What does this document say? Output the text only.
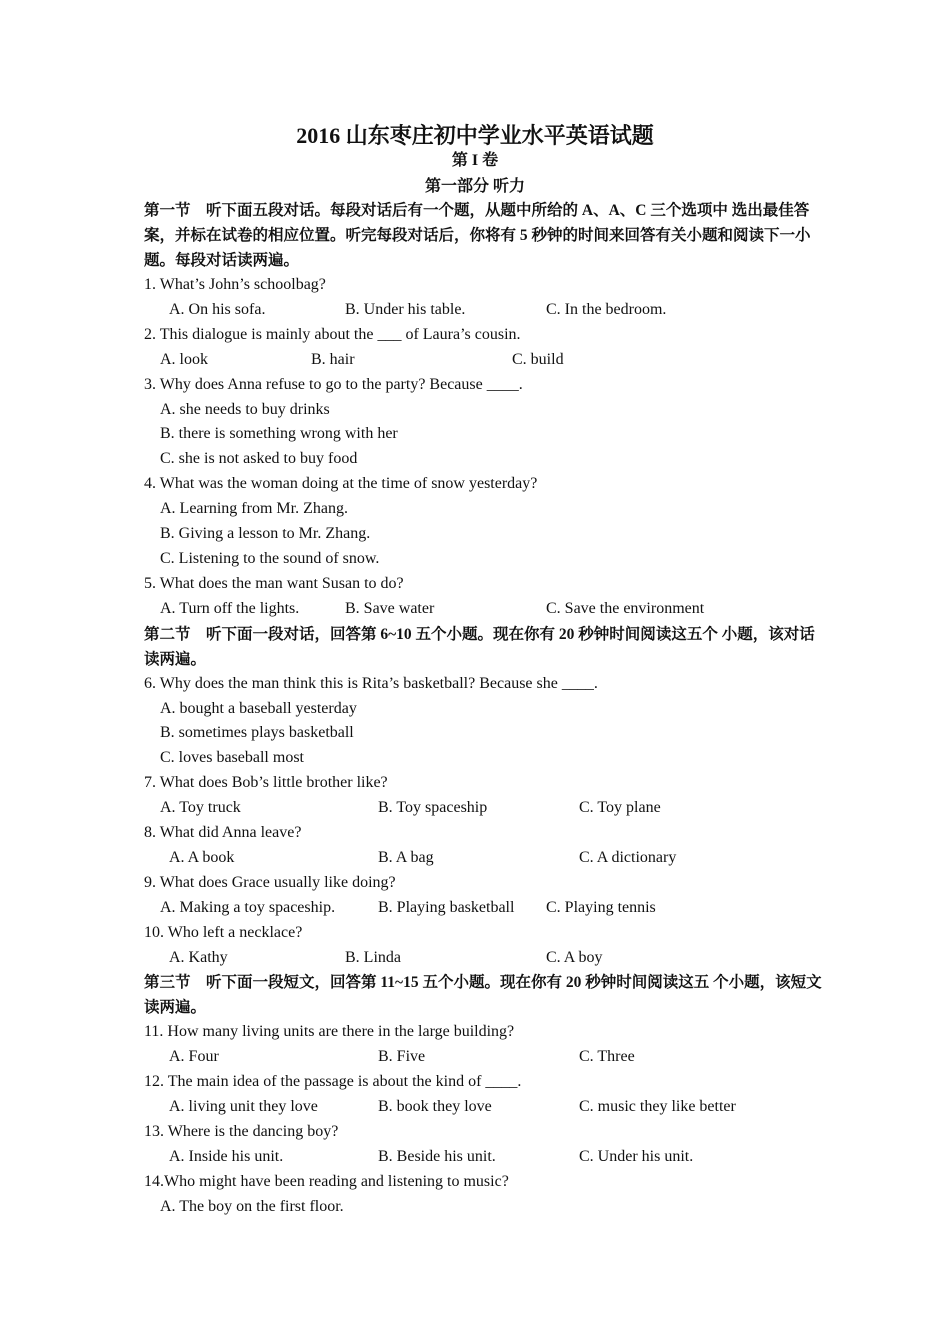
2016 山东枣庄初中学业水平英语试题
第 I 卷
第一部分 听力
第一节　听下面五段对话。每段对话后有一个题，从题中所给的 A、A、C 三个选项中 选出最佳答案，并标在试卷的相应位置。听完每段对话后，你将有 5 秒钟的时间来回答有关小题和阅读下一小题。每段对话读两遍。
1. What’s John’s schoolbag?
A. On his sofa.	B. Under his table.	C. In the bedroom.
2. This dialogue is mainly about the ___ of Laura’s cousin.
A. look	B. hair	C. build
3. Why does Anna refuse to go to the party? Because ____.
A. she needs to buy drinks
B. there is something wrong with her
C. she is not asked to buy food
4. What was the woman doing at the time of snow yesterday?
A. Learning from Mr. Zhang.
B. Giving a lesson to Mr. Zhang.
C. Listening to the sound of snow.
5. What does the man want Susan to do?
A. Turn off the lights.	B. Save water	C. Save the environment
第二节　听下面一段对话，回答第 6~10 五个小题。现在你有 20 秒钟时间阅读这五个 小题，该对话读两遍。
6. Why does the man think this is Rita’s basketball? Because she ____.
A. bought a baseball yesterday
B. sometimes plays basketball
C. loves baseball most
7. What does Bob’s little brother like?
A. Toy truck	B. Toy spaceship	C. Toy plane
8. What did Anna leave?
A. A book	B. A bag	C. A dictionary
9. What does Grace usually like doing?
A. Making a toy spaceship.	B. Playing basketball C. Playing tennis
10. Who left a necklace?
A. Kathy	B. Linda	C. A boy
第三节　听下面一段短文，回答第 11~15 五个小题。现在你有 20 秒钟时间阅读这五 个小题，该短文读两遍。
11. How many living units are there in the large building?
A. Four	B. Five	C. Three
12. The main idea of the passage is about the kind of ____.
A. living unit they love	B. book they love	C. music they like better
13. Where is the dancing boy?
A. Inside his unit.	B. Beside his unit.	C. Under his unit.
14.Who might have been reading and listening to music?
A. The boy on the first floor.
